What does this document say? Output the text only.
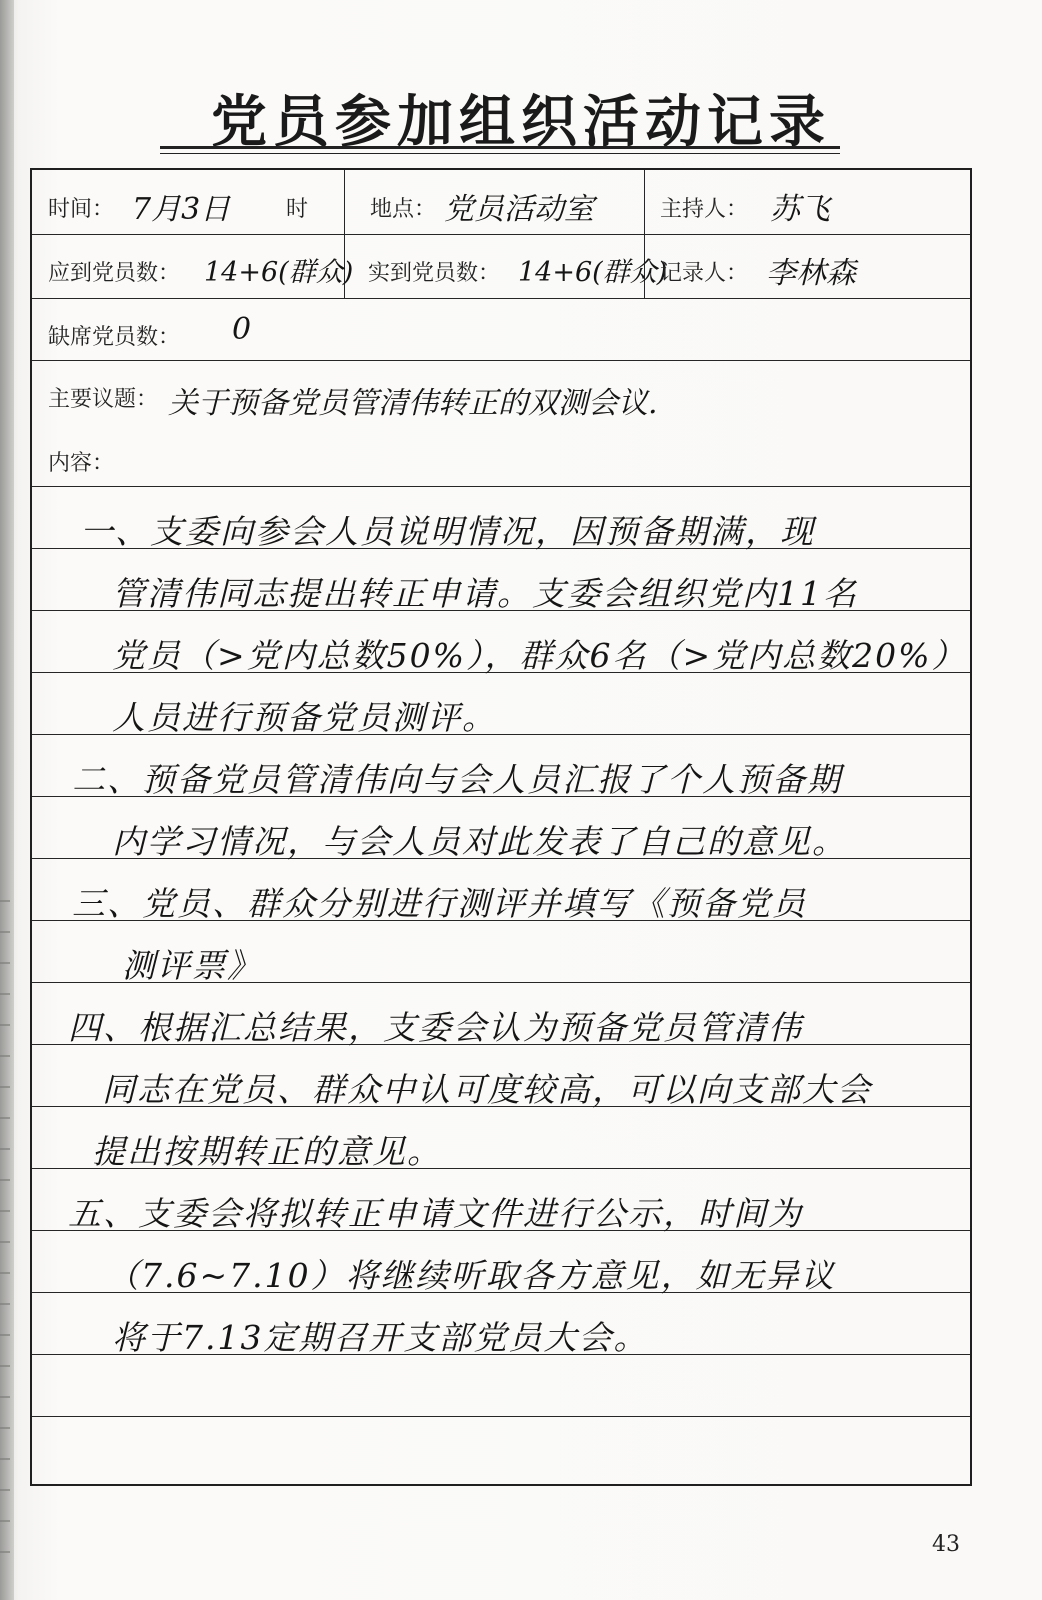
党员参加组织活动记录
时间： 7月3日	时	地点： 党员活动室	主持人： 苏飞
应到党员数： 14+6(群众) 实到党员数： 14+6(群众)
记录人： 李林森
缺席党员数： 0
主要议题： 关于预备党员管清伟转正的双测会议.
内容：
一、支委向参会人员说明情况，因预备期满，现
管清伟同志提出转正申请。支委会组织党内11名
党员（>党内总数50%），群众6名（>党内总数20%）
人员进行预备党员测评。
二、预备党员管清伟向与会人员汇报了个人预备期
内学习情况，与会人员对此发表了自己的意见。
三、党员、群众分别进行测评并填写《预备党员
测评票》
四、根据汇总结果，支委会认为预备党员管清伟
同志在党员、群众中认可度较高，可以向支部大会
提出按期转正的意见。
五、支委会将拟转正申请文件进行公示，时间为
（7.6~7.10）将继续听取各方意见，如无异议
将于7.13定期召开支部党员大会。
43
